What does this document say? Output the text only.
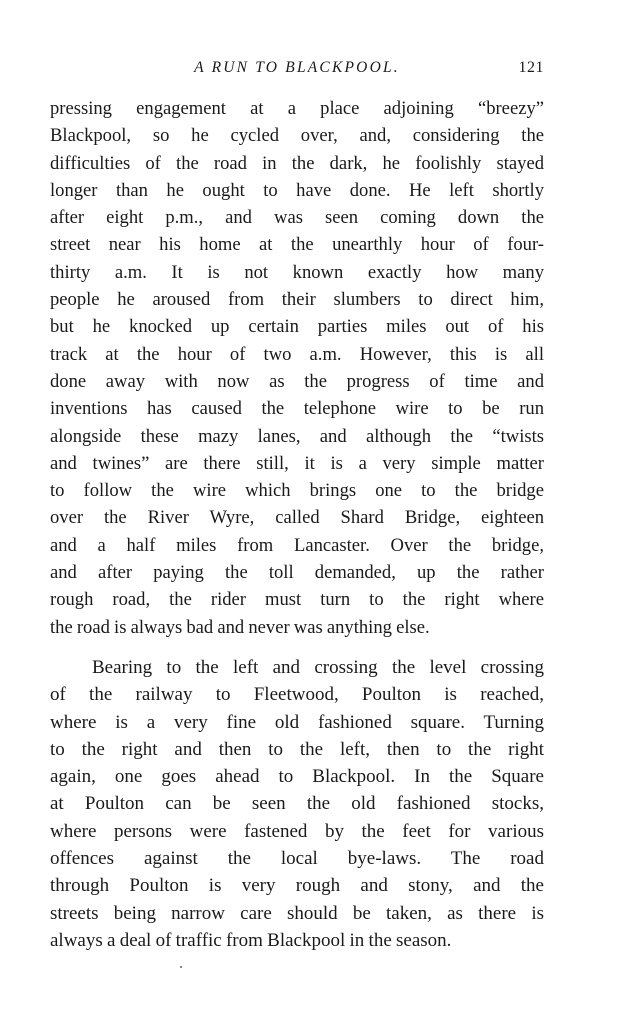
A RUN TO BLACKPOOL.	121

pressing engagement at a place adjoining “breezy”
Blackpool, so he cycled over, and, considering the
difficulties of the road in the dark, he foolishly stayed
longer than he ought to have done. He left shortly
after eight p.m., and was seen coming down the
street near his home at the unearthly hour of four-
thirty a.m. It is not known exactly how many
people he aroused from their slumbers to direct him,
but he knocked up certain parties miles out of his
track at the hour of two a.m. However, this is all
done away with now as the progress of time and
inventions has caused the telephone wire to be run
alongside these mazy lanes, and although the “twists
and twines” are there still, it is a very simple matter
to follow the wire which brings one to the bridge
over the River Wyre, called Shard Bridge, eighteen
and a half miles from Lancaster. Over the bridge,
and after paying the toll demanded, up the rather
rough road, the rider must turn to the right where
the road is always bad and never was anything else.

Bearing to the left and crossing the level crossing
of the railway to Fleetwood, Poulton is reached,
where is a very fine old fashioned square. Turning
to the right and then to the left, then to the right
again, one goes ahead to Blackpool. In the Square
at Poulton can be seen the old fashioned stocks,
where persons were fastened by the feet for various
offences against the local bye-laws. The road
through Poulton is very rough and stony, and the
streets being narrow care should be taken, as there is
always a deal of traffic from Blackpool in the season.
